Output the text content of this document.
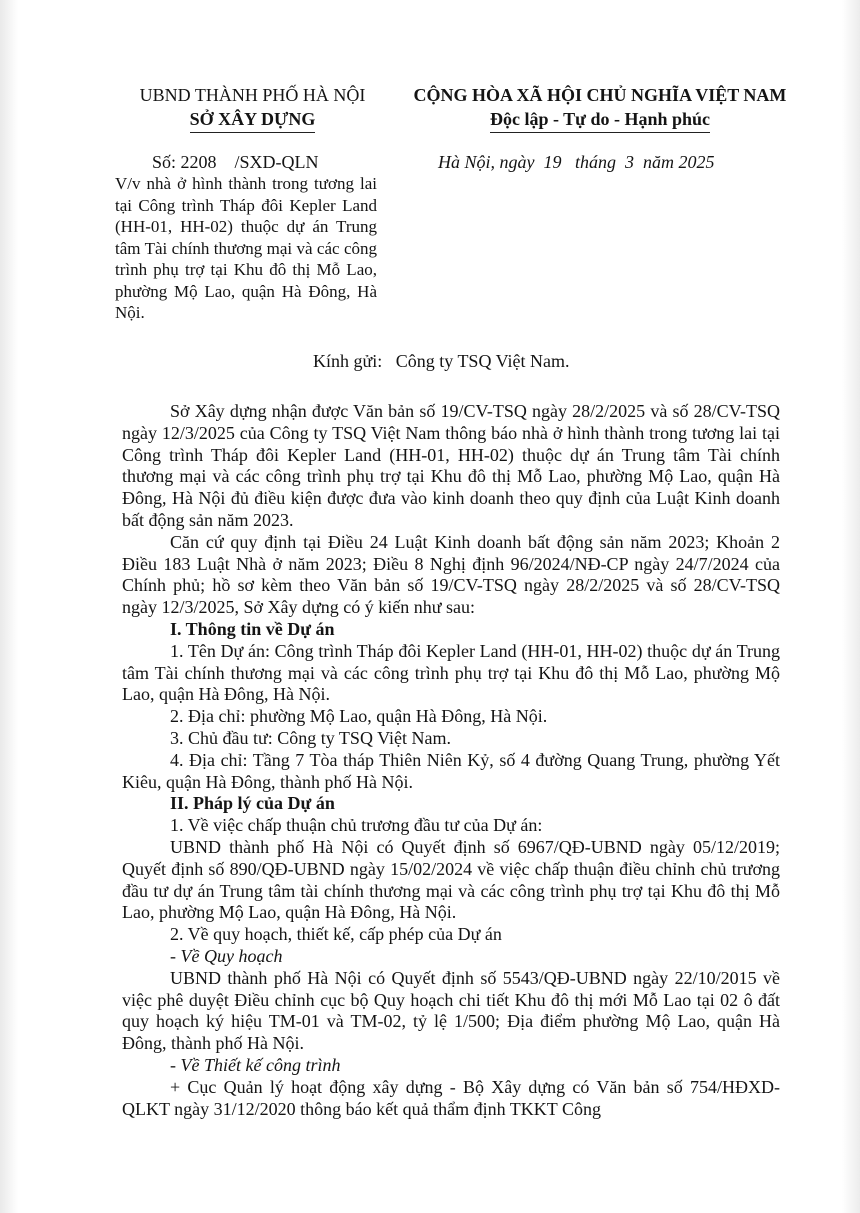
UBND THÀNH PHỐ HÀ NỘI
SỞ XÂY DỰNG
CỘNG HÒA XÃ HỘI CHỦ NGHĨA VIỆT NAM
Độc lập - Tự do - Hạnh phúc
Số: 2208    /SXD-QLN
V/v nhà ở hình thành trong tương lai tại Công trình Tháp đôi Kepler Land (HH-01, HH-02) thuộc dự án Trung tâm Tài chính thương mại và các công trình phụ trợ tại Khu đô thị Mỗ Lao, phường Mộ Lao, quận Hà Đông, Hà Nội.
Hà Nội, ngày  19   tháng  3  năm 2025
Kính gửi:   Công ty TSQ Việt Nam.

Sở Xây dựng nhận được Văn bản số 19/CV-TSQ ngày 28/2/2025 và số 28/CV-TSQ ngày 12/3/2025 của Công ty TSQ Việt Nam thông báo nhà ở hình thành trong tương lai tại Công trình Tháp đôi Kepler Land (HH-01, HH-02) thuộc dự án Trung tâm Tài chính thương mại và các công trình phụ trợ tại Khu đô thị Mỗ Lao, phường Mộ Lao, quận Hà Đông, Hà Nội đủ điều kiện được đưa vào kinh doanh theo quy định của Luật Kinh doanh bất động sản năm 2023.

Căn cứ quy định tại Điều 24 Luật Kinh doanh bất động sản năm 2023; Khoản 2 Điều 183 Luật Nhà ở năm 2023; Điều 8 Nghị định 96/2024/NĐ-CP ngày 24/7/2024 của Chính phủ; hồ sơ kèm theo Văn bản số 19/CV-TSQ ngày 28/2/2025 và số 28/CV-TSQ ngày 12/3/2025, Sở Xây dựng có ý kiến như sau:

I. Thông tin về Dự án

1. Tên Dự án: Công trình Tháp đôi Kepler Land (HH-01, HH-02) thuộc dự án Trung tâm Tài chính thương mại và các công trình phụ trợ tại Khu đô thị Mỗ Lao, phường Mộ Lao, quận Hà Đông, Hà Nội.

2. Địa chỉ: phường Mộ Lao, quận Hà Đông, Hà Nội.

3. Chủ đầu tư: Công ty TSQ Việt Nam.

4. Địa chỉ: Tầng 7 Tòa tháp Thiên Niên Kỷ, số 4 đường Quang Trung, phường Yết Kiêu, quận Hà Đông, thành phố Hà Nội.

II. Pháp lý của Dự án

1. Về việc chấp thuận chủ trương đầu tư của Dự án:

UBND thành phố Hà Nội có Quyết định số 6967/QĐ-UBND ngày 05/12/2019; Quyết định số 890/QĐ-UBND ngày 15/02/2024 về việc chấp thuận điều chỉnh chủ trương đầu tư dự án Trung tâm tài chính thương mại và các công trình phụ trợ tại Khu đô thị Mỗ Lao, phường Mộ Lao, quận Hà Đông, Hà Nội.

2. Về quy hoạch, thiết kế, cấp phép của Dự án

- Về Quy hoạch

UBND thành phố Hà Nội có Quyết định số 5543/QĐ-UBND ngày 22/10/2015 về việc phê duyệt Điều chỉnh cục bộ Quy hoạch chi tiết Khu đô thị mới Mỗ Lao tại 02 ô đất quy hoạch ký hiệu TM-01 và TM-02, tỷ lệ 1/500; Địa điểm phường Mộ Lao, quận Hà Đông, thành phố Hà Nội.

- Về Thiết kế công trình

+ Cục Quản lý hoạt động xây dựng - Bộ Xây dựng có Văn bản số 754/HĐXD-QLKT ngày 31/12/2020 thông báo kết quả thẩm định TKKT Công
